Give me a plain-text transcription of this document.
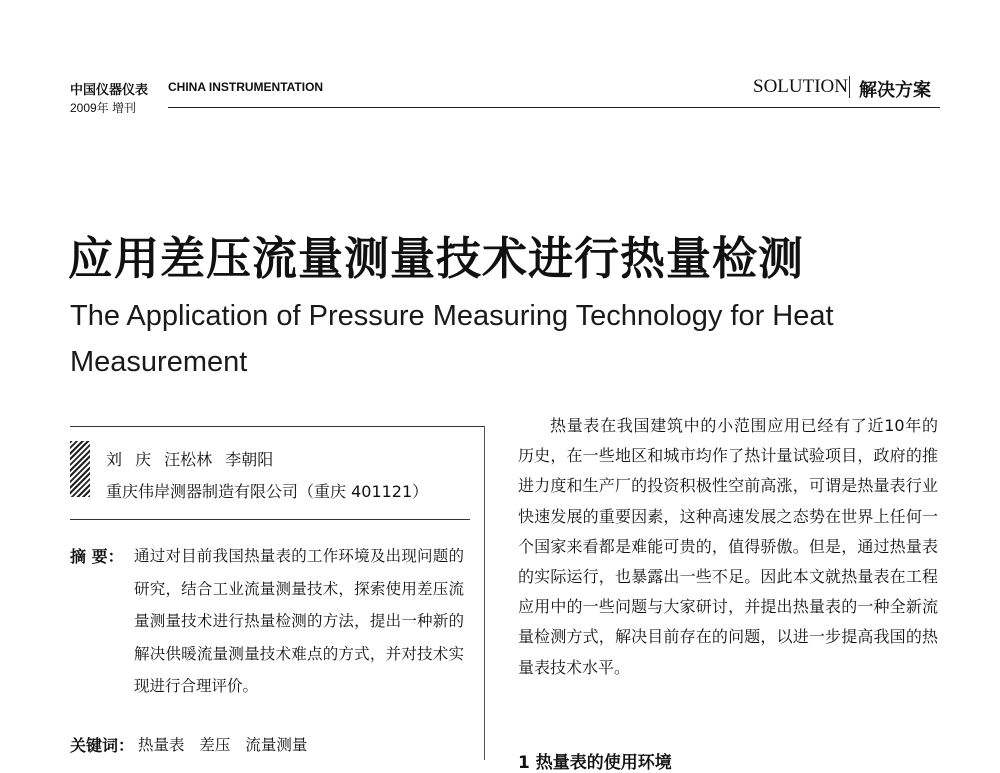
中国仪器仪表 CHINA INSTRUMENTATION
2009年 增刊
SOLUTION 解决方案
应用差压流量测量技术进行热量检测
The Application of Pressure Measuring Technology for Heat Measurement
刘 庆 汪松林 李朝阳
重庆伟岸测器制造有限公司（重庆 401121）
摘 要： 通过对目前我国热量表的工作环境及出现问题的研究，结合工业流量测量技术，探索使用差压流量测量技术进行热量检测的方法，提出一种新的解决供暖流量测量技术难点的方式，并对技术实现进行合理评价。
关键词： 热量表 差压 流量测量
热量表在我国建筑中的小范围应用已经有了近10年的历史，在一些地区和城市均作了热计量试验项目，政府的推进力度和生产厂的投资积极性空前高涨，可谓是热量表行业快速发展的重要因素，这种高速发展之态势在世界上任何一个国家来看都是难能可贵的，值得骄傲。但是，通过热量表的实际运行，也暴露出一些不足。因此本文就热量表在工程应用中的一些问题与大家研讨，并提出热量表的一种全新流量检测方式，解决目前存在的问题，以进一步提高我国的热量表技术水平。
1 热量表的使用环境
